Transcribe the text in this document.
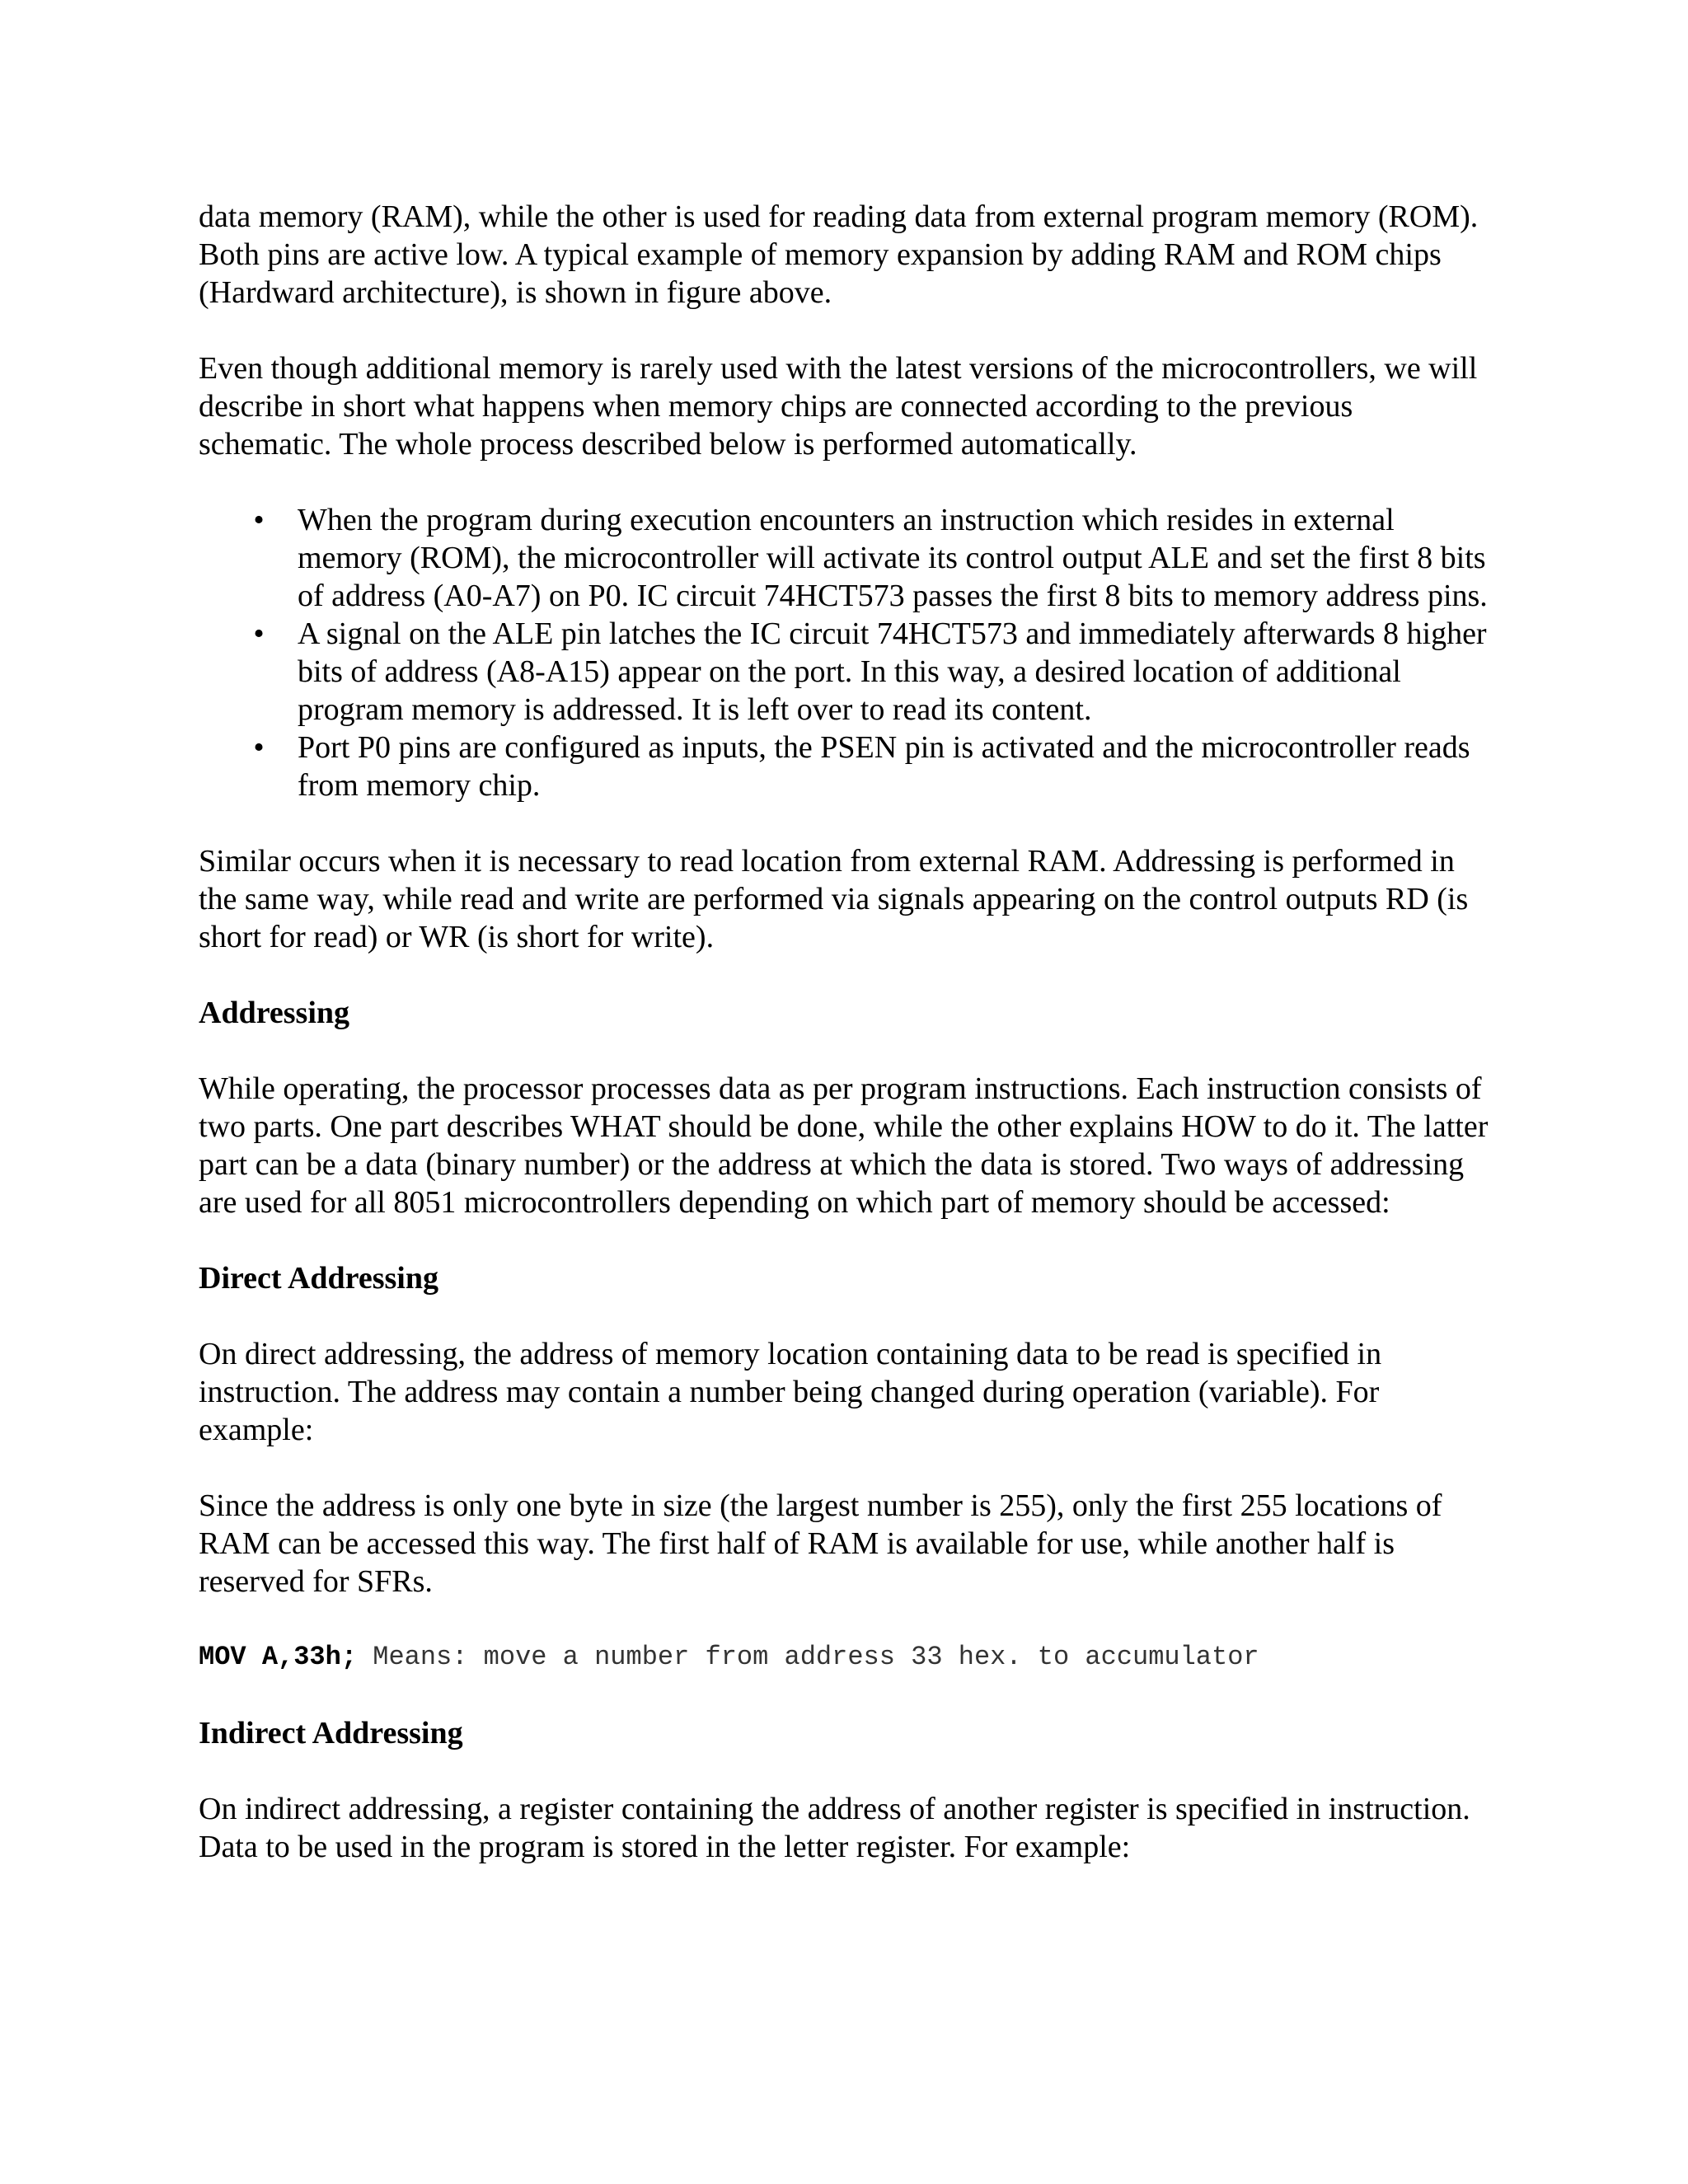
data memory (RAM), while the other is used for reading data from external program memory (ROM). Both pins are active low. A typical example of memory expansion by adding RAM and ROM chips (Hardward architecture), is shown in figure above.

Even though additional memory is rarely used with the latest versions of the microcontrollers, we will describe in short what happens when memory chips are connected according to the previous schematic. The whole process described below is performed automatically.

• When the program during execution encounters an instruction which resides in external memory (ROM), the microcontroller will activate its control output ALE and set the first 8 bits of address (A0-A7) on P0. IC circuit 74HCT573 passes the first 8 bits to memory address pins.
• A signal on the ALE pin latches the IC circuit 74HCT573 and immediately afterwards 8 higher bits of address (A8-A15) appear on the port. In this way, a desired location of additional program memory is addressed. It is left over to read its content.
• Port P0 pins are configured as inputs, the PSEN pin is activated and the microcontroller reads from memory chip.

Similar occurs when it is necessary to read location from external RAM. Addressing is performed in the same way, while read and write are performed via signals appearing on the control outputs RD (is short for read) or WR (is short for write).

Addressing

While operating, the processor processes data as per program instructions. Each instruction consists of two parts. One part describes WHAT should be done, while the other explains HOW to do it. The latter part can be a data (binary number) or the address at which the data is stored. Two ways of addressing are used for all 8051 microcontrollers depending on which part of memory should be accessed:

Direct Addressing

On direct addressing, the address of memory location containing data to be read is specified in instruction. The address may contain a number being changed during operation (variable). For example:

Since the address is only one byte in size (the largest number is 255), only the first 255 locations of RAM can be accessed this way. The first half of RAM is available for use, while another half is reserved for SFRs.

MOV A,33h; Means: move a number from address 33 hex. to accumulator
Indirect Addressing

On indirect addressing, a register containing the address of another register is specified in instruction. Data to be used in the program is stored in the letter register. For example:
